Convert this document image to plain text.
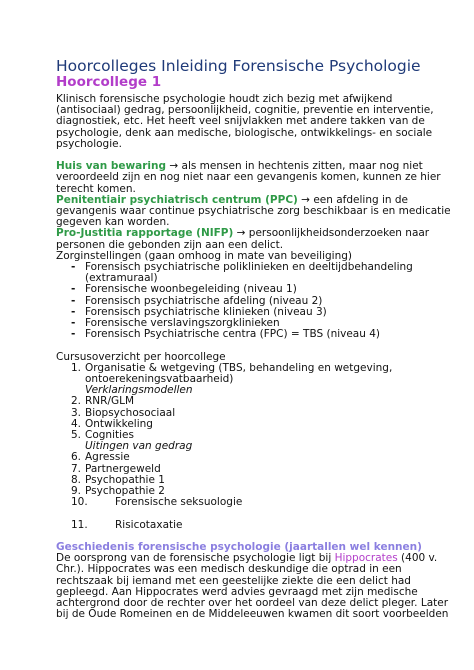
Hoorcolleges Inleiding Forensische Psychologie
Hoorcollege 1

Klinisch forensische psychologie houdt zich bezig met afwijkend (antisociaal) gedrag, persoonlijkheid, cognitie, preventie en interventie, diagnostiek, etc. Het heeft veel snijvlakken met andere takken van de psychologie, denk aan medische, biologische, ontwikkelings- en sociale psychologie.

Huis van bewaring → als mensen in hechtenis zitten, maar nog niet veroordeeld zijn en nog niet naar een gevangenis komen, kunnen ze hier terecht komen.

Penitentiair psychiatrisch centrum (PPC) → een afdeling in de gevangenis waar continue psychiatrische zorg beschikbaar is en medicatie gegeven kan worden.

Pro-Justitia rapportage (NIFP) → persoonlijkheidsonderzoeken naar personen die gebonden zijn aan een delict.

Zorginstellingen (gaan omhoog in mate van beveiliging)

- Forensisch psychiatrische poliklinieken en deeltijdbehandeling (extramuraal)
- Forensische woonbegeleiding (niveau 1)
- Forensisch psychiatrische afdeling (niveau 2)
- Forensisch psychiatrische klinieken (niveau 3)
- Forensische verslavingszorgklinieken
- Forensisch Psychiatrische centra (FPC) = TBS (niveau 4)

Cursusoverzicht per hoorcollege

1. Organisatie & wetgeving (TBS, behandeling en wetgeving, ontoerekeningsvatbaarheid)
Verklaringsmodellen
2. RNR/GLM
3. Biopsychosociaal
4. Ontwikkeling
5. Cognities
Uitingen van gedrag
6. Agressie
7. Partnergeweld
8. Psychopathie 1
9. Psychopathie 2
10.	Forensische seksuologie
11.	Risicotaxatie

Geschiedenis forensische psychologie (jaartallen wel kennen)

De oorsprong van de forensische psychologie ligt bij Hippocrates (400 v. Chr.). Hippocrates was een medisch deskundige die optrad in een rechtszaak bij iemand met een geestelijke ziekte die een delict had gepleegd. Aan Hippocrates werd advies gevraagd met zijn medische achtergrond door de rechter over het oordeel van deze delict pleger. Later bij de Oude Romeinen en de Middeleeuwen kwamen dit soort voorbeelden
